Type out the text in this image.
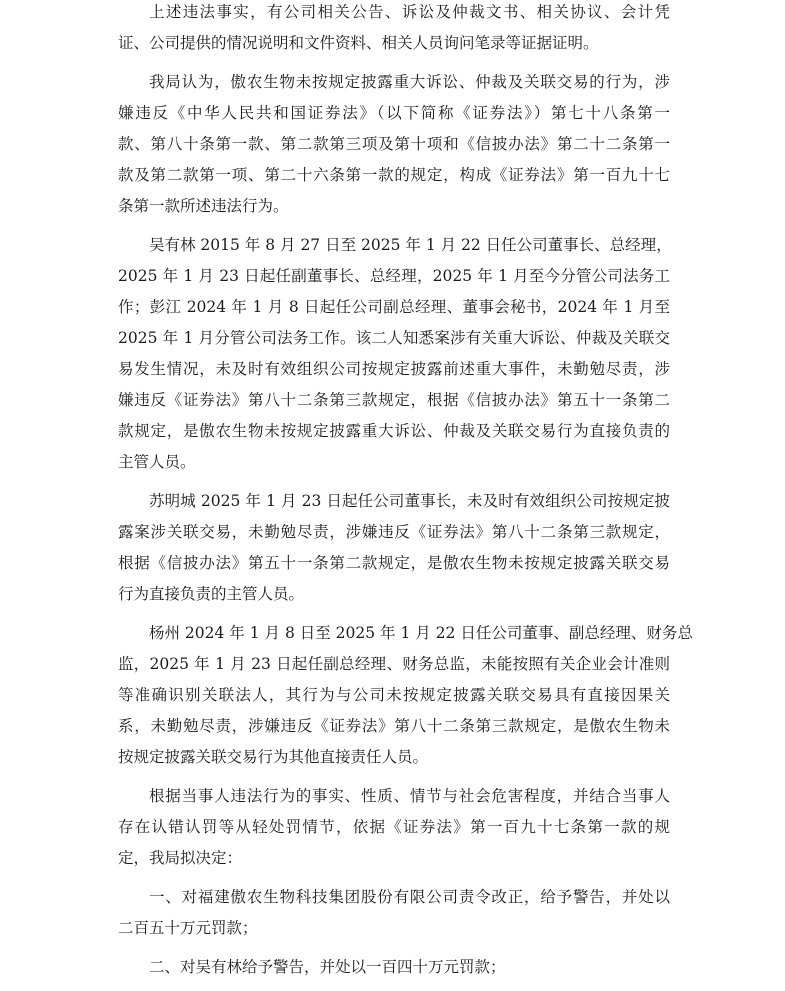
上述违法事实，有公司相关公告、诉讼及仲裁文书、相关协议、会计凭
证、公司提供的情况说明和文件资料、相关人员询问笔录等证据证明。
我局认为，傲农生物未按规定披露重大诉讼、仲裁及关联交易的行为，涉
嫌违反《中华人民共和国证券法》（以下简称《证券法》）第七十八条第一
款、第八十条第一款、第二款第三项及第十项和《信披办法》第二十二条第一
款及第二款第一项、第二十六条第一款的规定，构成《证券法》第一百九十七
条第一款所述违法行为。
吴有林 2015 年 8 月 27 日至 2025 年 1 月 22 日任公司董事长、总经理，
2025 年 1 月 23 日起任副董事长、总经理，2025 年 1 月至今分管公司法务工
作；彭江 2024 年 1 月 8 日起任公司副总经理、董事会秘书，2024 年 1 月至
2025 年 1 月分管公司法务工作。该二人知悉案涉有关重大诉讼、仲裁及关联交
易发生情况，未及时有效组织公司按规定披露前述重大事件，未勤勉尽责，涉
嫌违反《证券法》第八十二条第三款规定，根据《信披办法》第五十一条第二
款规定，是傲农生物未按规定披露重大诉讼、仲裁及关联交易行为直接负责的
主管人员。
苏明城 2025 年 1 月 23 日起任公司董事长，未及时有效组织公司按规定披
露案涉关联交易，未勤勉尽责，涉嫌违反《证券法》第八十二条第三款规定，
根据《信披办法》第五十一条第二款规定，是傲农生物未按规定披露关联交易
行为直接负责的主管人员。
杨州 2024 年 1 月 8 日至 2025 年 1 月 22 日任公司董事、副总经理、财务总
监，2025 年 1 月 23 日起任副总经理、财务总监，未能按照有关企业会计准则
等准确识别关联法人，其行为与公司未按规定披露关联交易具有直接因果关
系，未勤勉尽责，涉嫌违反《证券法》第八十二条第三款规定，是傲农生物未
按规定披露关联交易行为其他直接责任人员。
根据当事人违法行为的事实、性质、情节与社会危害程度，并结合当事人
存在认错认罚等从轻处罚情节，依据《证券法》第一百九十七条第一款的规
定，我局拟决定：
一、对福建傲农生物科技集团股份有限公司责令改正，给予警告，并处以
二百五十万元罚款；
二、对吴有林给予警告，并处以一百四十万元罚款；
